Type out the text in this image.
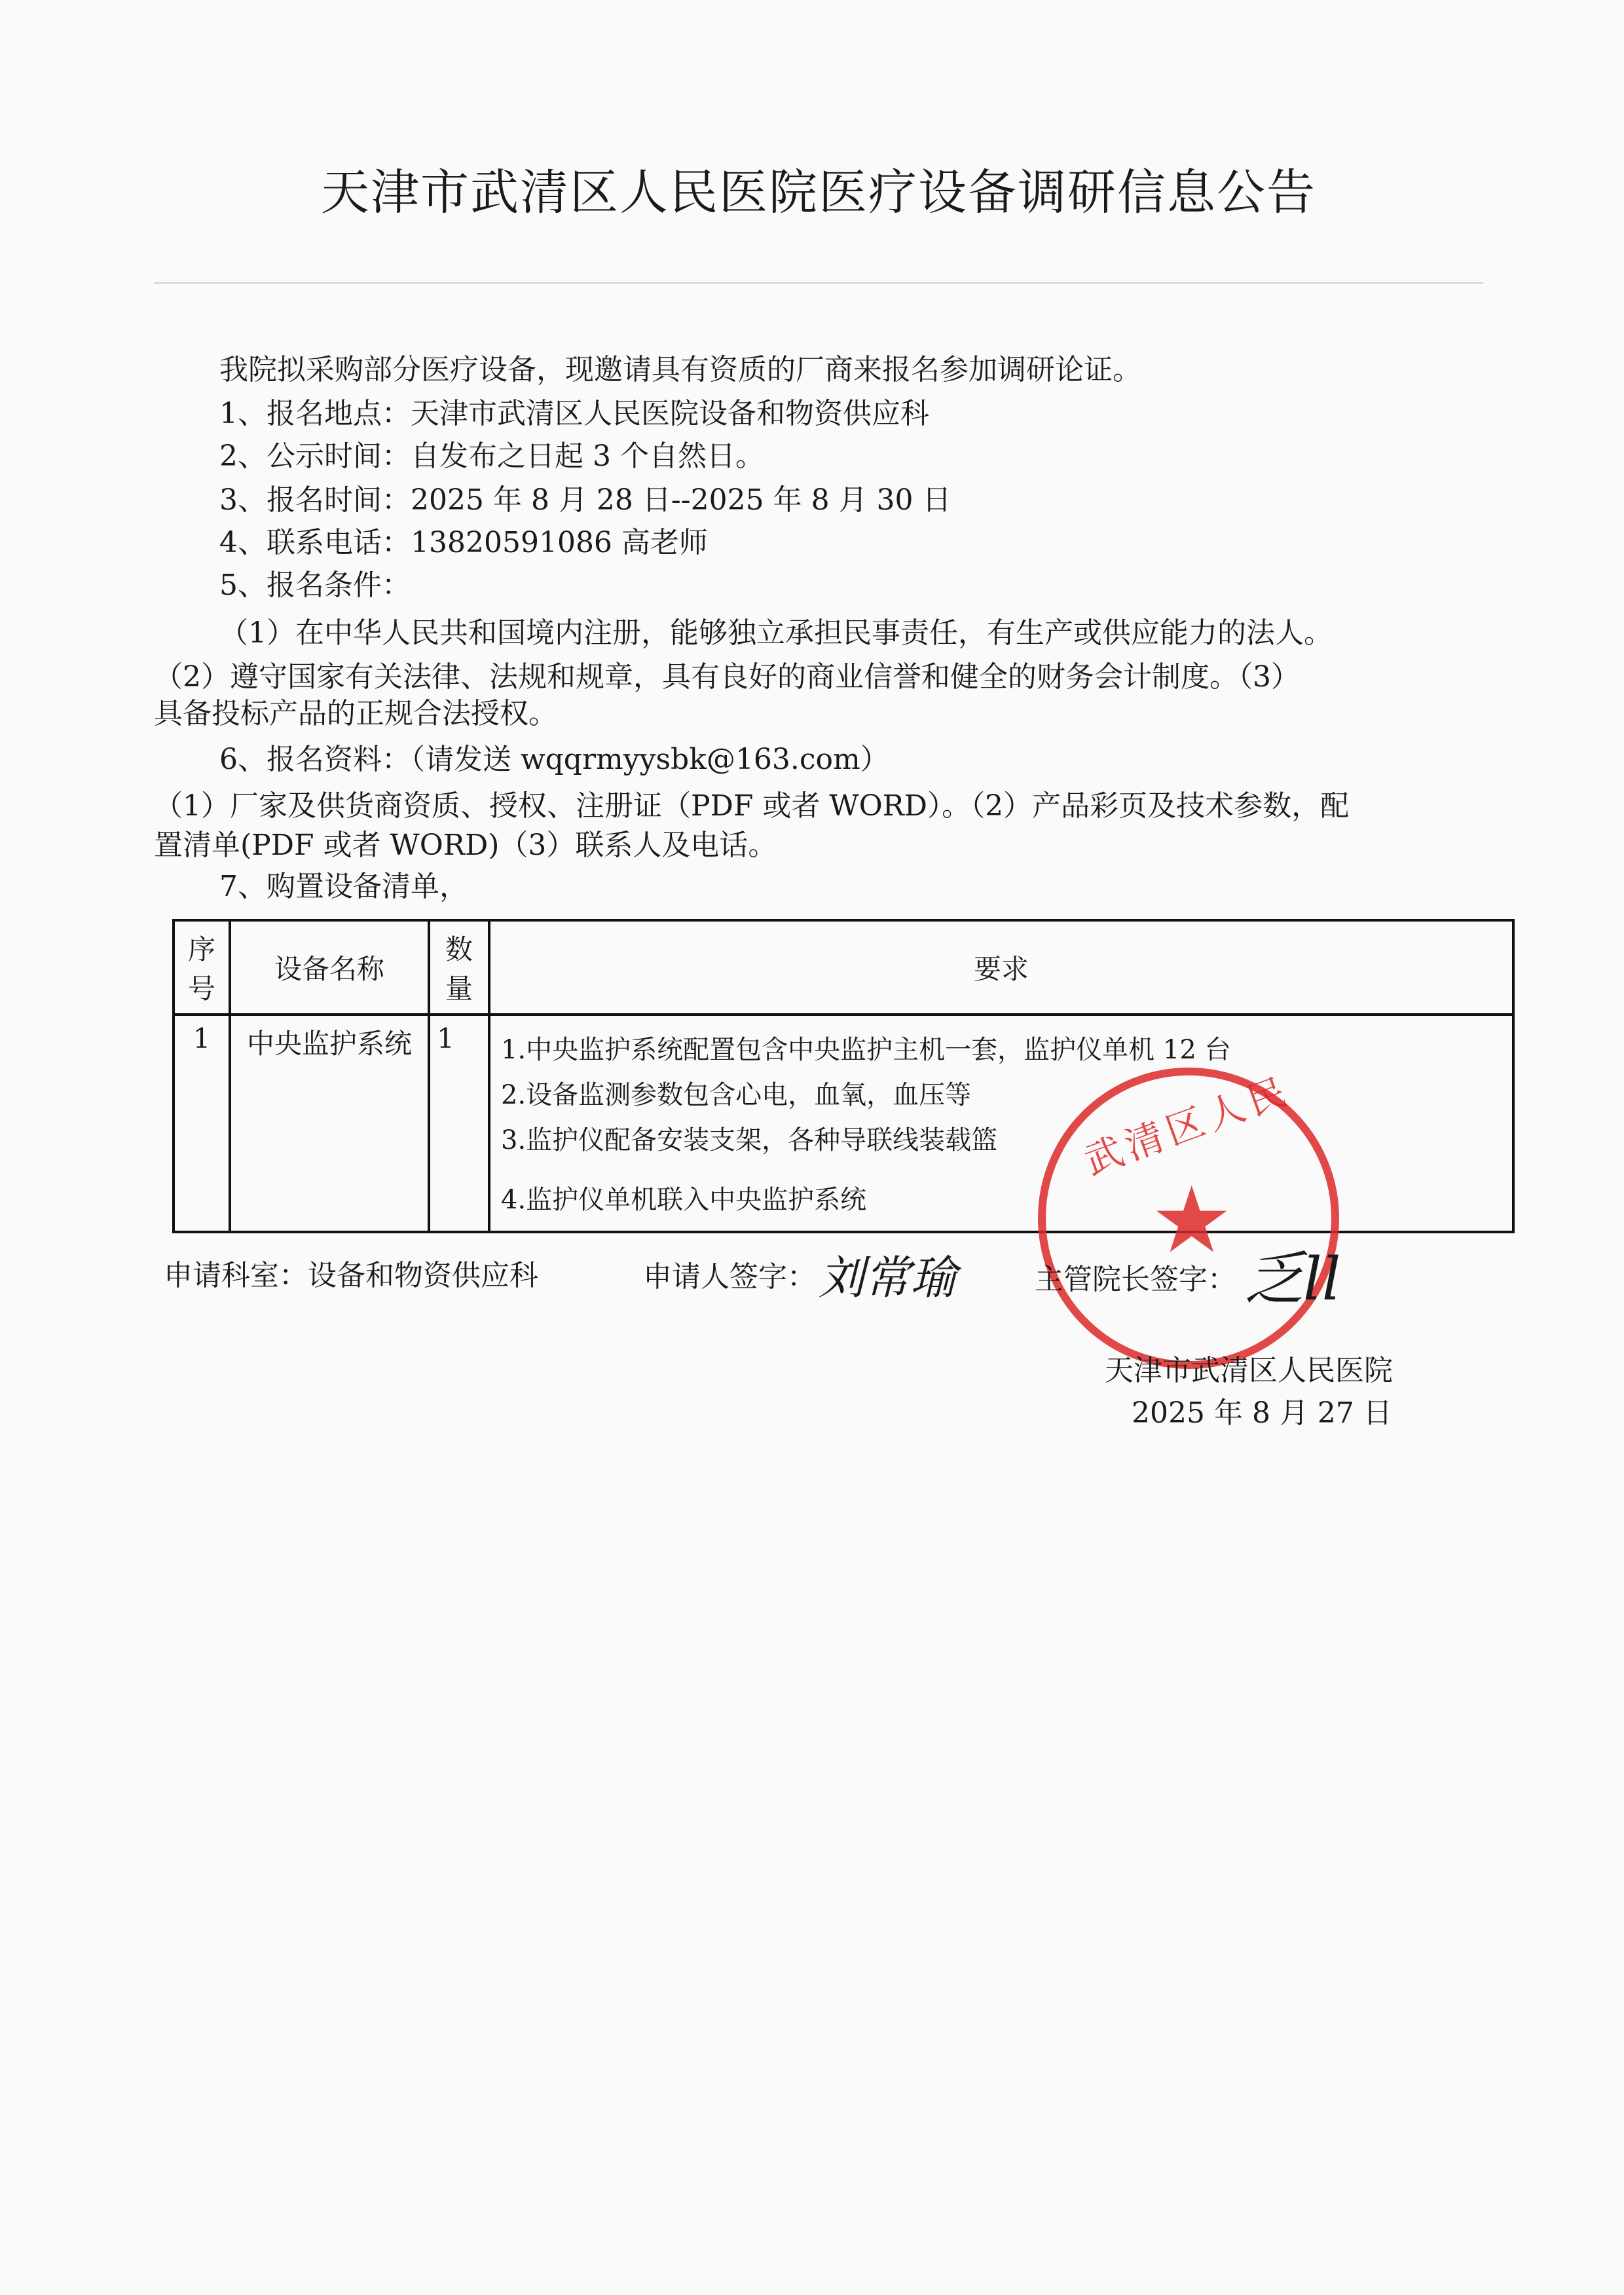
天津市武清区人民医院医疗设备调研信息公告
我院拟采购部分医疗设备，现邀请具有资质的厂商来报名参加调研论证。
1、报名地点：天津市武清区人民医院设备和物资供应科
2、公示时间：自发布之日起 3 个自然日。
3、报名时间：2025 年 8 月 28 日--2025 年 8 月 30 日
4、联系电话：13820591086 高老师
5、报名条件：
（1）在中华人民共和国境内注册，能够独立承担民事责任，有生产或供应能力的法人。
（2）遵守国家有关法律、法规和规章，具有良好的商业信誉和健全的财务会计制度。（3）
具备投标产品的正规合法授权。
6、报名资料：（请发送 wqqrmyysbk@163.com）
（1）厂家及供货商资质、授权、注册证（PDF 或者 WORD）。（2）产品彩页及技术参数，配
置清单(PDF 或者 WORD)（3）联系人及电话。
7、购置设备清单，
序号	设备名称	数量	要求
1	中央监护系统	1	1.中央监护系统配置包含中央监护主机一套，监护仪单机 12 台
2.设备监测参数包含心电，血氧，血压等
3.监护仪配备安装支架，各种导联线装载篮
4.监护仪单机联入中央监护系统
武清区人民
★
申请科室：设备和物资供应科	申请人签字： 刘常瑜	主管院长签字： 乏ll
天津市武清区人民医院
2025 年 8 月 27 日
